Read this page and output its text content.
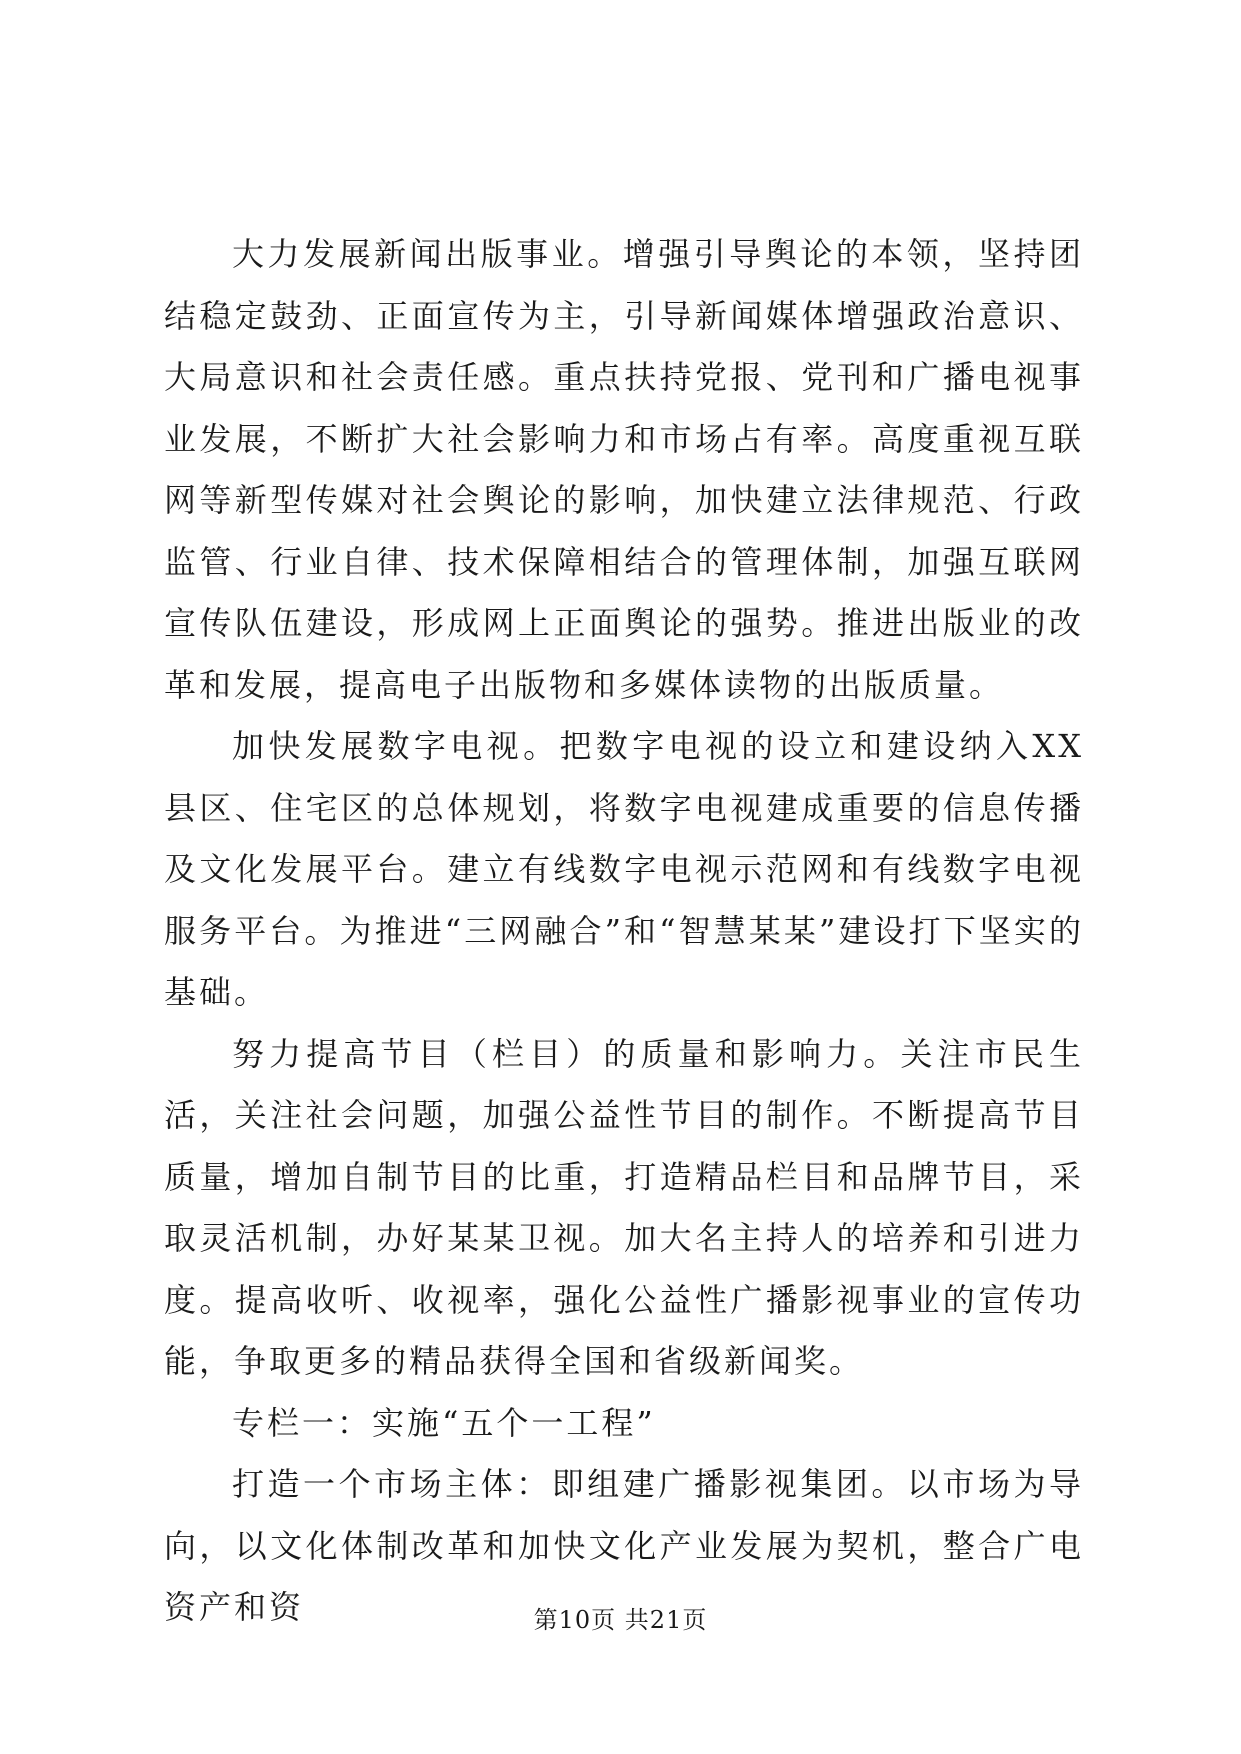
大力发展新闻出版事业。增强引导舆论的本领，坚持团结稳定鼓劲、正面宣传为主，引导新闻媒体增强政治意识、大局意识和社会责任感。重点扶持党报、党刊和广播电视事业发展，不断扩大社会影响力和市场占有率。高度重视互联网等新型传媒对社会舆论的影响，加快建立法律规范、行政监管、行业自律、技术保障相结合的管理体制，加强互联网宣传队伍建设，形成网上正面舆论的强势。推进出版业的改革和发展，提高电子出版物和多媒体读物的出版质量。

加快发展数字电视。把数字电视的设立和建设纳入XX县区、住宅区的总体规划，将数字电视建成重要的信息传播及文化发展平台。建立有线数字电视示范网和有线数字电视服务平台。为推进“三网融合”和“智慧某某”建设打下坚实的基础。

努力提高节目（栏目）的质量和影响力。关注市民生活，关注社会问题，加强公益性节目的制作。不断提高节目质量，增加自制节目的比重，打造精品栏目和品牌节目，采取灵活机制，办好某某卫视。加大名主持人的培养和引进力度。提高收听、收视率，强化公益性广播影视事业的宣传功能，争取更多的精品获得全国和省级新闻奖。

专栏一：实施“五个一工程”

打造一个市场主体：即组建广播影视集团。以市场为导向，以文化体制改革和加快文化产业发展为契机，整合广电资产和资	第10页 共21页
